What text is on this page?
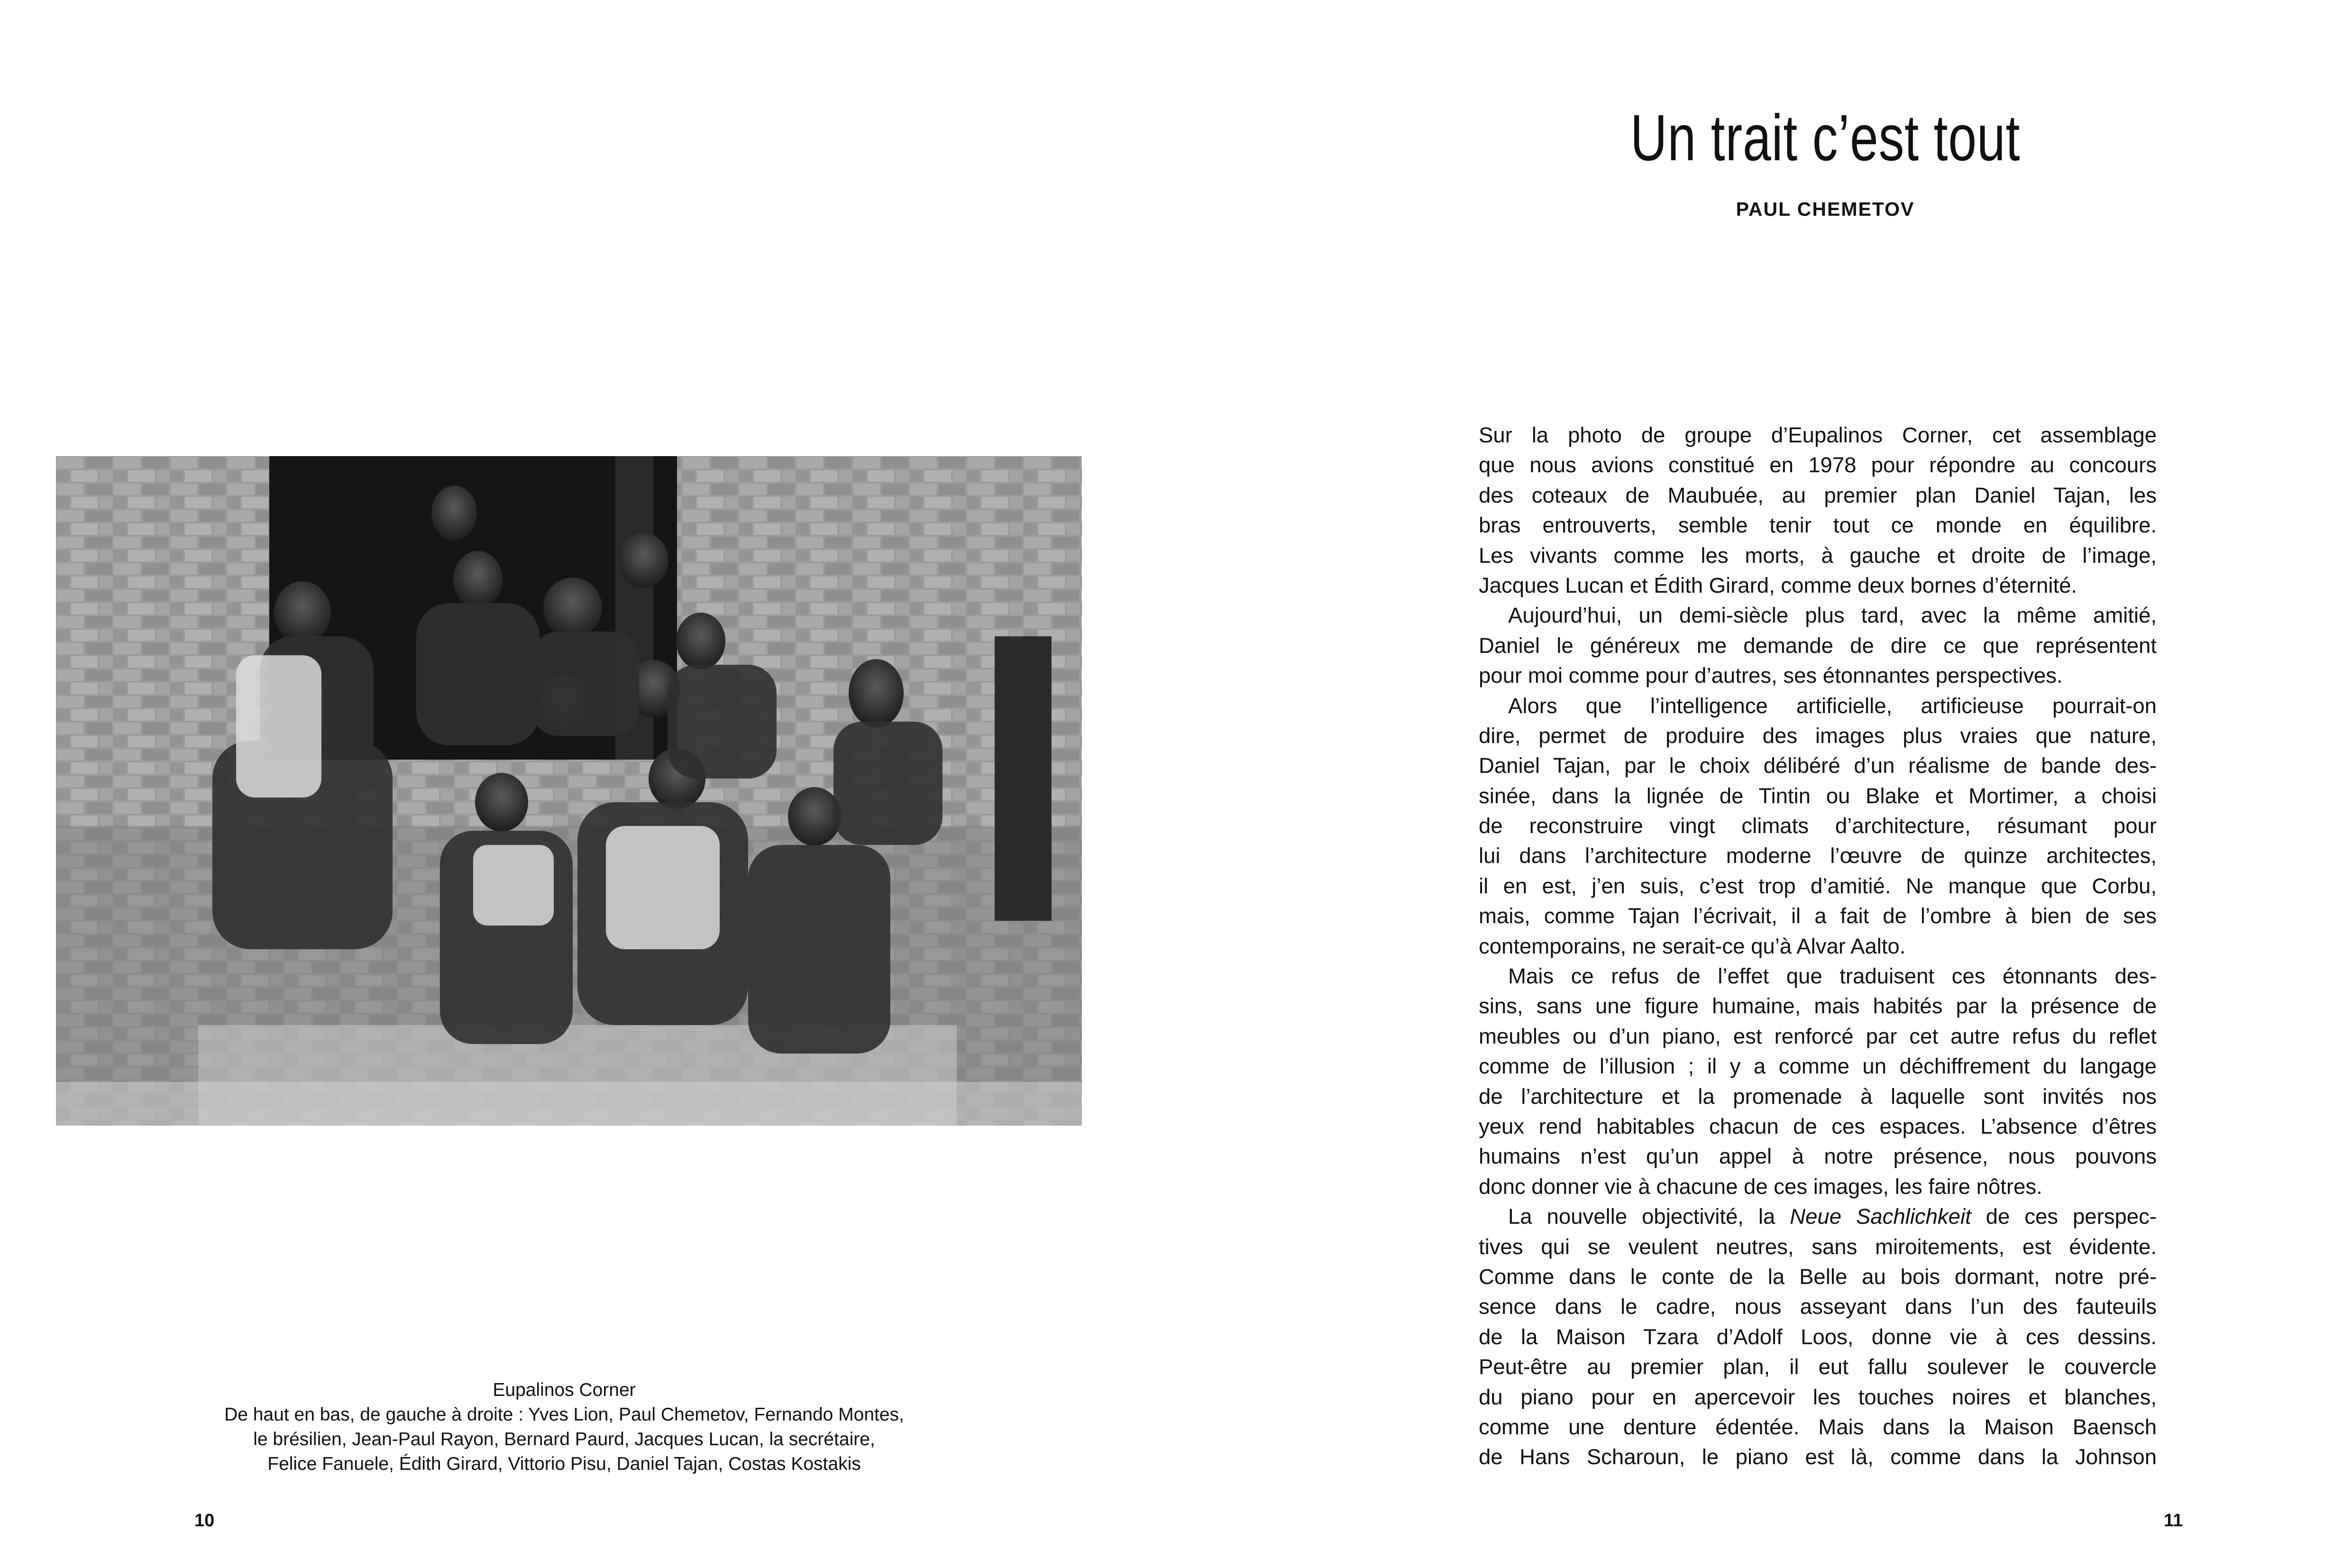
Eupalinos Corner
De haut en bas, de gauche à droite : Yves Lion, Paul Chemetov, Fernando Montes,
le brésilien, Jean-Paul Rayon, Bernard Paurd, Jacques Lucan, la secrétaire,
Felice Fanuele, Édith Girard, Vittorio Pisu, Daniel Tajan, Costas Kostakis
10
Un trait c’est tout
PAUL CHEMETOV
Sur la photo de groupe d’Eupalinos Corner, cet assemblage
que nous avions constitué en 1978 pour répondre au concours
des coteaux de Maubuée, au premier plan Daniel Tajan, les
bras entrouverts, semble tenir tout ce monde en équilibre.
Les vivants comme les morts, à gauche et droite de l’image,
Jacques Lucan et Édith Girard, comme deux bornes d’éternité.
Aujourd’hui, un demi-siècle plus tard, avec la même amitié,
Daniel le généreux me demande de dire ce que représentent
pour moi comme pour d’autres, ses étonnantes perspectives.
Alors que l’intelligence artificielle, artificieuse pourrait-on
dire, permet de produire des images plus vraies que nature,
Daniel Tajan, par le choix délibéré d’un réalisme de bande des-
sinée, dans la lignée de Tintin ou Blake et Mortimer, a choisi
de reconstruire vingt climats d’architecture, résumant pour
lui dans l’architecture moderne l’œuvre de quinze architectes,
il en est, j’en suis, c’est trop d’amitié. Ne manque que Corbu,
mais, comme Tajan l’écrivait, il a fait de l’ombre à bien de ses
contemporains, ne serait-ce qu’à Alvar Aalto.
Mais ce refus de l’effet que traduisent ces étonnants des-
sins, sans une figure humaine, mais habités par la présence de
meubles ou d’un piano, est renforcé par cet autre refus du reflet
comme de l’illusion ; il y a comme un déchiffrement du langage
de l’architecture et la promenade à laquelle sont invités nos
yeux rend habitables chacun de ces espaces. L’absence d’êtres
humains n’est qu’un appel à notre présence, nous pouvons
donc donner vie à chacune de ces images, les faire nôtres.
La nouvelle objectivité, la Neue Sachlichkeit de ces perspec-
tives qui se veulent neutres, sans miroitements, est évidente.
Comme dans le conte de la Belle au bois dormant, notre pré-
sence dans le cadre, nous asseyant dans l’un des fauteuils
de la Maison Tzara d’Adolf Loos, donne vie à ces dessins.
Peut-être au premier plan, il eut fallu soulever le couvercle
du piano pour en apercevoir les touches noires et blanches,
comme une denture édentée. Mais dans la Maison Baensch
de Hans Scharoun, le piano est là, comme dans la Johnson
11
